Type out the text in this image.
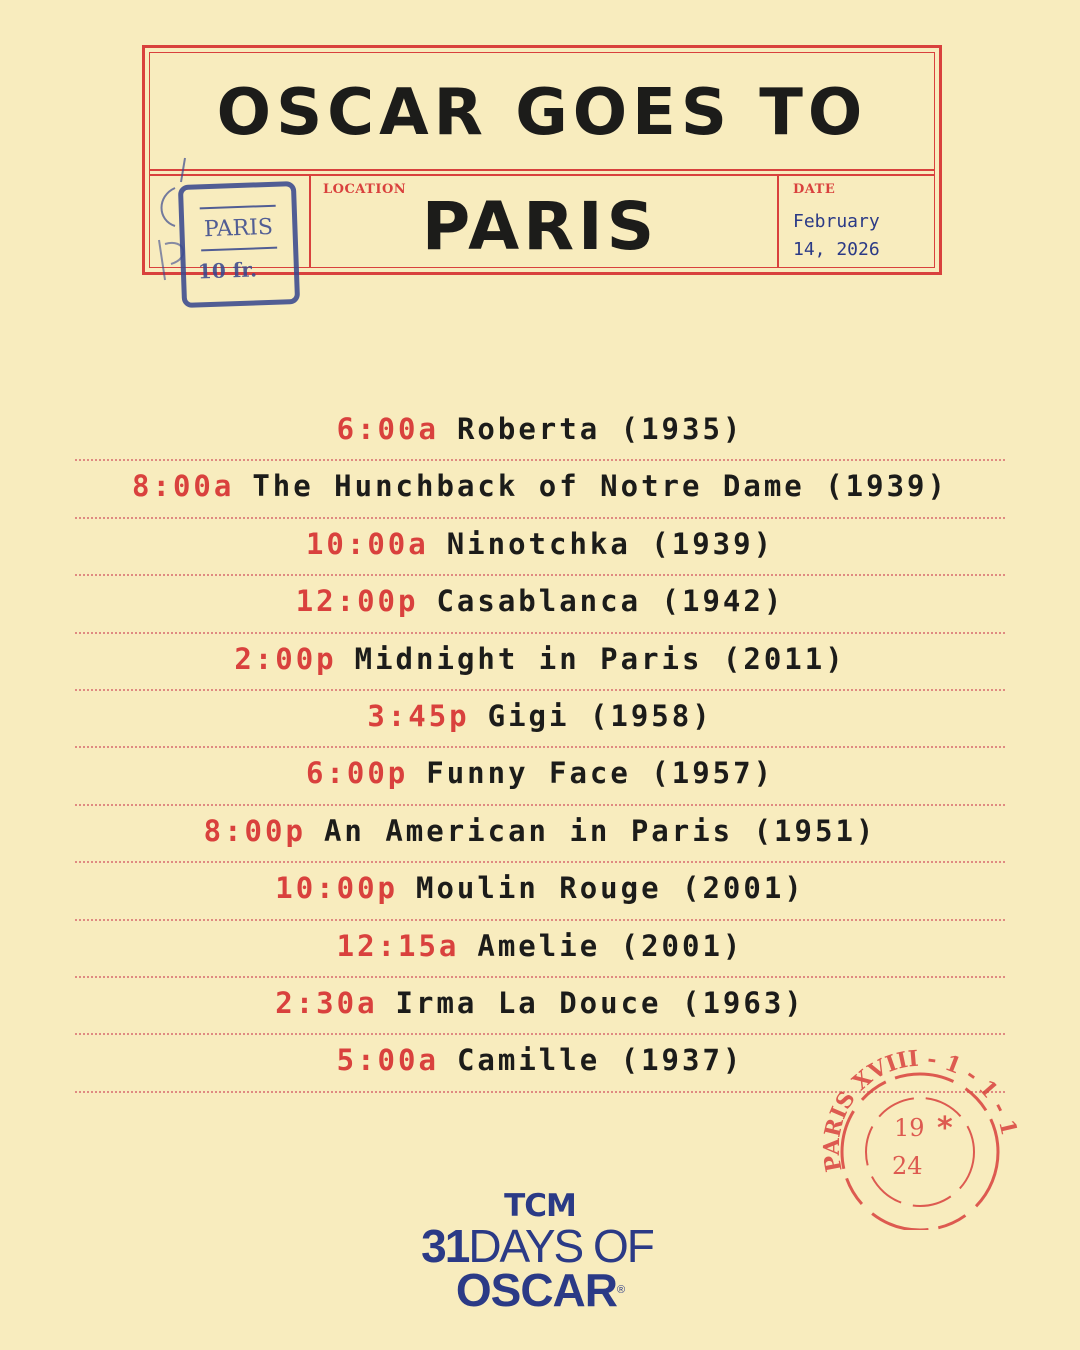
OSCAR GOES TO
LOCATION PARIS	DATE
February
14, 2026
PARIS
10 fr.
6:00a Roberta (1935)
8:00a The Hunchback of Notre Dame (1939)
10:00a Ninotchka (1939)
12:00p Casablanca (1942)
2:00p Midnight in Paris (2011)
3:45p Gigi (1958)
6:00p Funny Face (1957)
8:00p An American in Paris (1951)
10:00p Moulin Rouge (2001)
12:15a Amelie (2001)
2:30a Irma La Douce (1963)
5:00a Camille (1937)
PARIS XVIII - 1 - 1 - 1
19 *
24
TCM
31DAYS OF
OSCAR®
